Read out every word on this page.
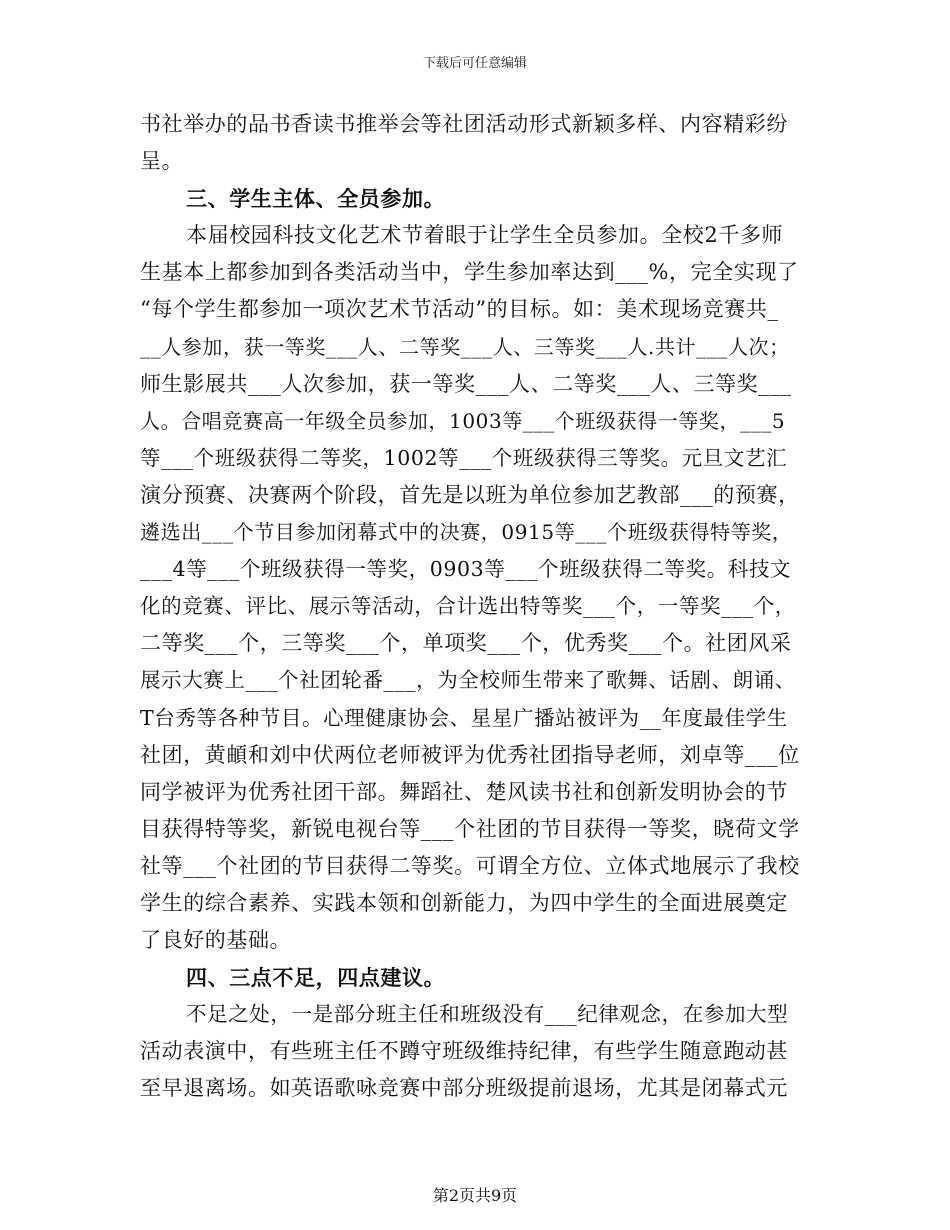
下载后可任意编辑
书社举办的品书香读书推举会等社团活动形式新颖多样、内容精彩纷
呈。
三、学生主体、全员参加。
本届校园科技文化艺术节着眼于让学生全员参加。全校2千多师
生基本上都参加到各类活动当中，学生参加率达到___%，完全实现了
“每个学生都参加一项次艺术节活动”的目标。如：美术现场竞赛共_
__人参加，获一等奖___人、二等奖___人、三等奖___人.共计___人次；
师生影展共___人次参加，获一等奖___人、二等奖___人、三等奖___
人。合唱竞赛高一年级全员参加，1003等___个班级获得一等奖，___5
等___个班级获得二等奖，1002等___个班级获得三等奖。元旦文艺汇
演分预赛、决赛两个阶段，首先是以班为单位参加艺教部___的预赛，
遴选出___个节目参加闭幕式中的决赛，0915等___个班级获得特等奖，
___4等___个班级获得一等奖，0903等___个班级获得二等奖。科技文
化的竞赛、评比、展示等活动，合计选出特等奖___个，一等奖___个，
二等奖___个，三等奖___个，单项奖___个，优秀奖___个。社团风采
展示大赛上___个社团轮番___，为全校师生带来了歌舞、话剧、朗诵、
T台秀等各种节目。心理健康协会、星星广播站被评为__年度最佳学生
社团，黄頔和刘中伏两位老师被评为优秀社团指导老师，刘卓等___位
同学被评为优秀社团干部。舞蹈社、楚风读书社和创新发明协会的节
目获得特等奖，新锐电视台等___个社团的节目获得一等奖，晓荷文学
社等___个社团的节目获得二等奖。可谓全方位、立体式地展示了我校
学生的综合素养、实践本领和创新能力，为四中学生的全面进展奠定
了良好的基础。
四、三点不足，四点建议。
不足之处，一是部分班主任和班级没有___纪律观念，在参加大型
活动表演中，有些班主任不蹲守班级维持纪律，有些学生随意跑动甚
至早退离场。如英语歌咏竞赛中部分班级提前退场，尤其是闭幕式元
第2页共9页
